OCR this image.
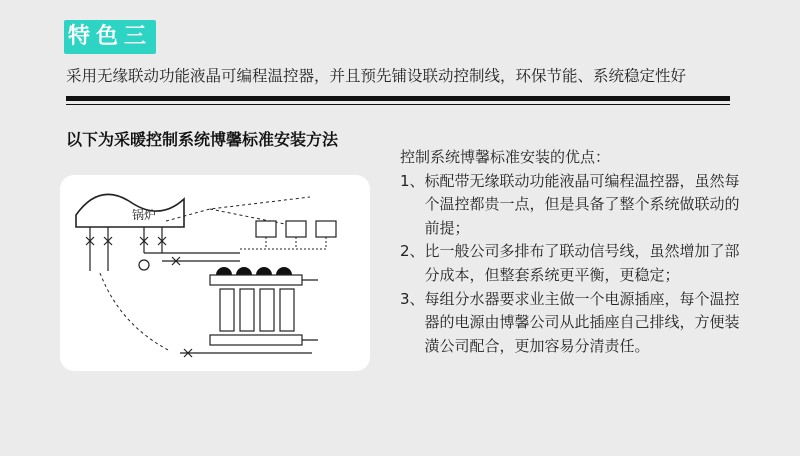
特色三
采用无缘联动功能液晶可编程温控器，并且预先铺设联动控制线，环保节能、系统稳定性好
以下为采暖控制系统博馨标准安装方法
锅炉

控制系统博馨标准安装的优点：

1、 标配带无缘联动功能液晶可编程温控器，虽然每个温控都贵一点，但是具备了整个系统做联动的前提；
2、 比一般公司多排布了联动信号线，虽然增加了部分成本，但整套系统更平衡，更稳定；
3、 每组分水器要求业主做一个电源插座，每个温控器的电源由博馨公司从此插座自己排线，方便装潢公司配合，更加容易分清责任。
